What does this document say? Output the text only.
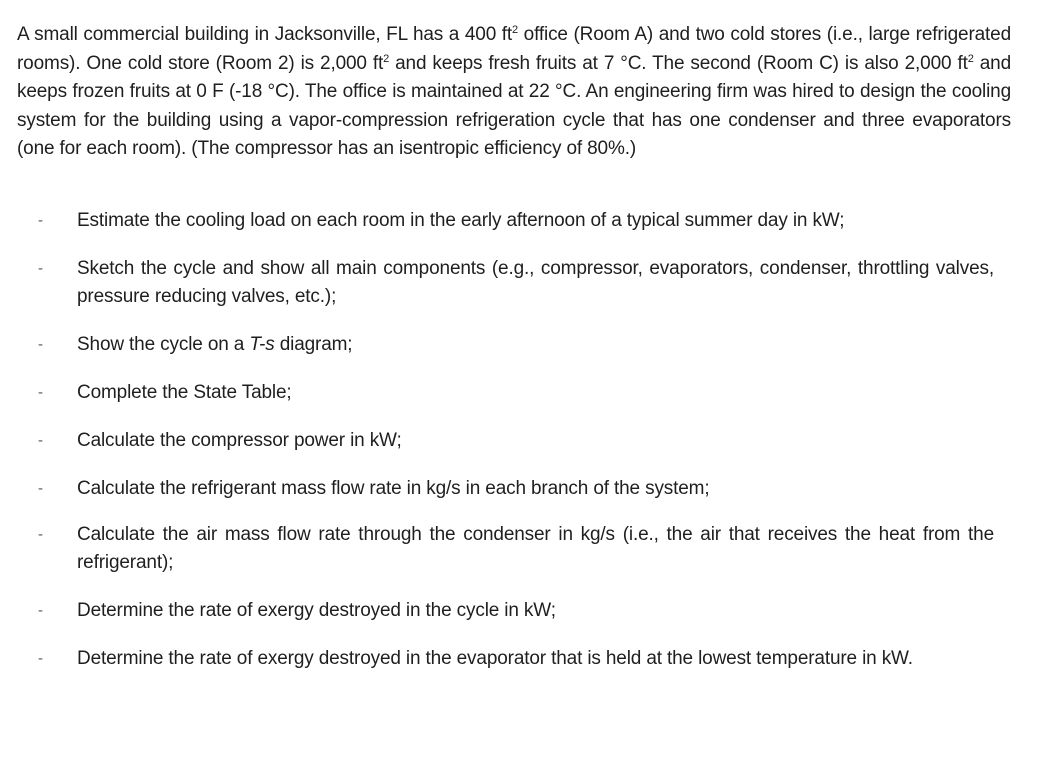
A small commercial building in Jacksonville, FL has a 400 $ft^2$ office (Room A) and two cold stores (i.e., large refrigerated rooms). One cold store (Room 2) is 2,000 $ft^2$ and keeps fresh fruits at 7 °C. The second (Room C) is also 2,000 $ft^2$ and keeps frozen fruits at 0 F (-18 °C). The office is maintained at 22 °C. An engineering firm was hired to design the cooling system for the building using a vapor-compression refrigeration cycle that has one condenser and three evaporators (one for each room). (The compressor has an isentropic efficiency of 80%.)

- Estimate the cooling load on each room in the early afternoon of a typical summer day in kW;
- Sketch the cycle and show all main components (e.g., compressor, evaporators, condenser, throttling valves, pressure reducing valves, etc.);
- Show the cycle on a T-s diagram;
- Complete the State Table;
- Calculate the compressor power in kW;
- Calculate the refrigerant mass flow rate in kg/s in each branch of the system;
- Calculate the air mass flow rate through the condenser in kg/s (i.e., the air that receives the heat from the refrigerant);
- Determine the rate of exergy destroyed in the cycle in kW;
- Determine the rate of exergy destroyed in the evaporator that is held at the lowest temperature in kW.
